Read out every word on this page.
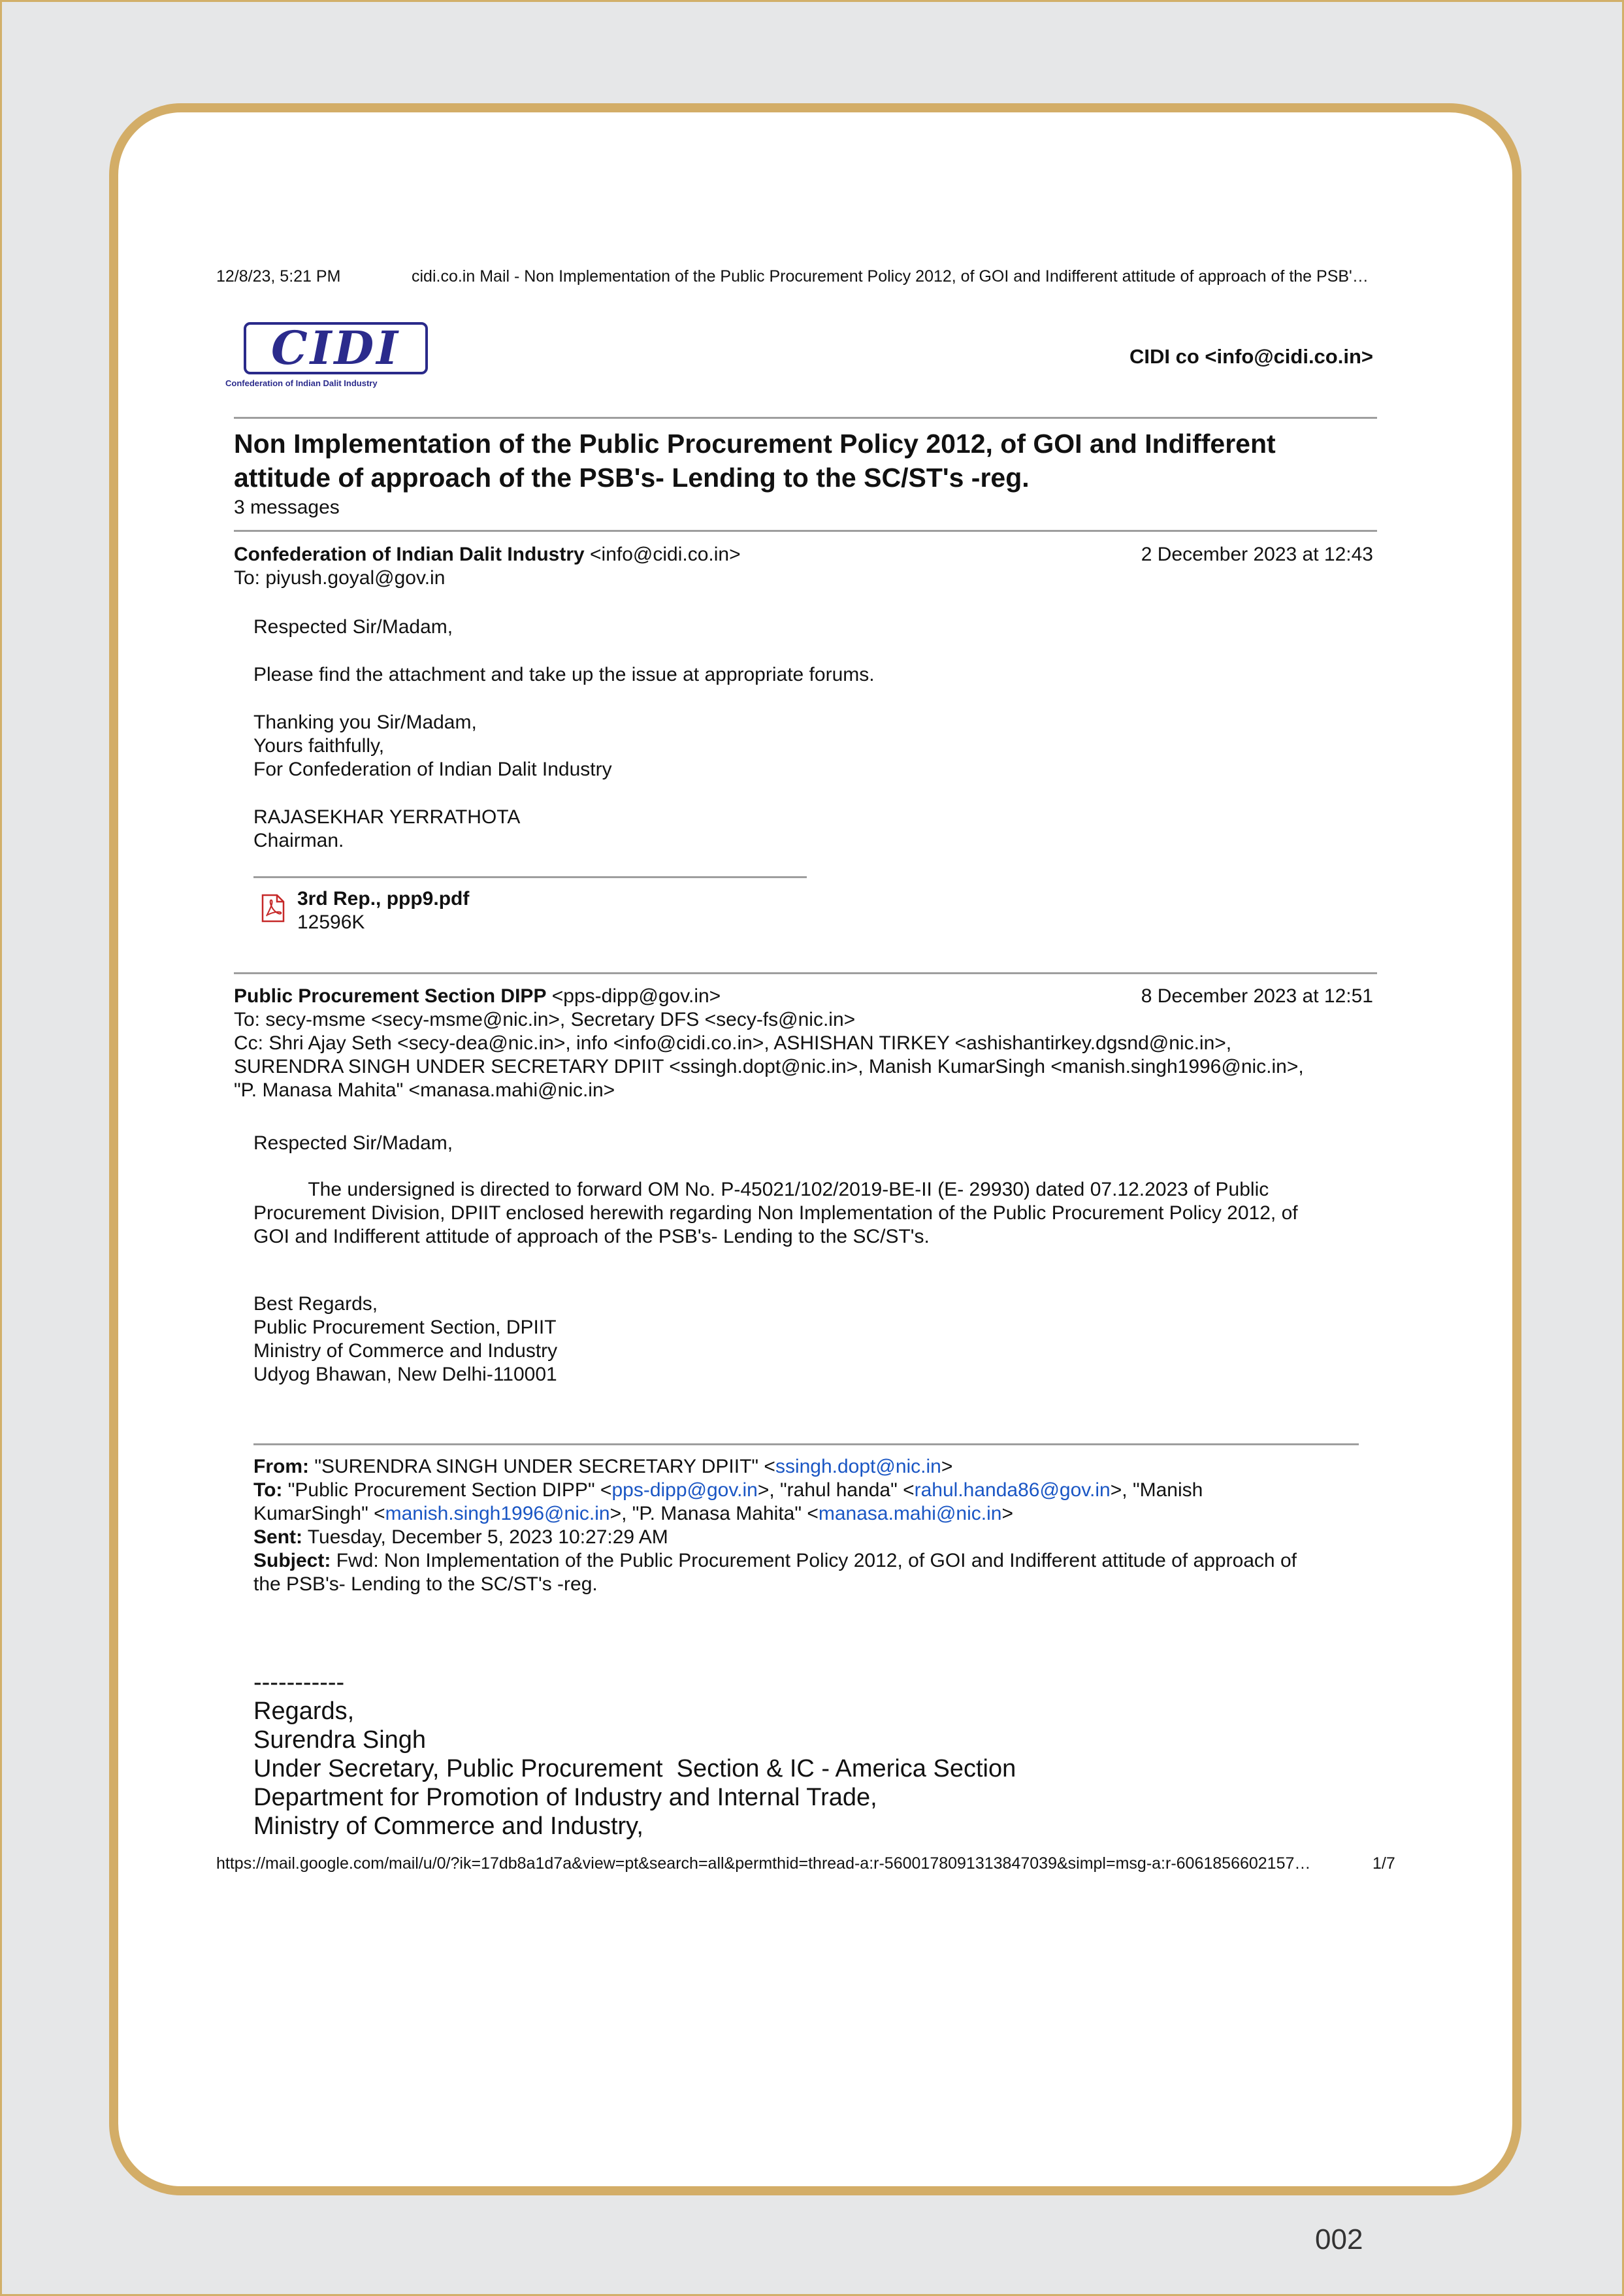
12/8/23, 5:21 PM	cidi.co.in Mail - Non Implementation of the Public Procurement Policy 2012, of GOI and Indifferent attitude of approach of the PSB'…
CIDI
Confederation of Indian Dalit Industry
CIDI co <info@cidi.co.in>
Non Implementation of the Public Procurement Policy 2012, of GOI and Indifferent
attitude of approach of the PSB's- Lending to the SC/ST's -reg.
3 messages
Confederation of Indian Dalit Industry <info@cidi.co.in>	2 December 2023 at 12:43
To: piyush.goyal@gov.in
Respected Sir/Madam,
Please find the attachment and take up the issue at appropriate forums.
Thanking you Sir/Madam,
Yours faithfully,
For Confederation of Indian Dalit Industry
RAJASEKHAR YERRATHOTA
Chairman.
3rd Rep., ppp9.pdf
12596K
Public Procurement Section DIPP <pps-dipp@gov.in>	8 December 2023 at 12:51
To: secy-msme <secy-msme@nic.in>, Secretary DFS <secy-fs@nic.in>
Cc: Shri Ajay Seth <secy-dea@nic.in>, info <info@cidi.co.in>, ASHISHAN TIRKEY <ashishantirkey.dgsnd@nic.in>,
SURENDRA SINGH UNDER SECRETARY DPIIT <ssingh.dopt@nic.in>, Manish KumarSingh <manish.singh1996@nic.in>,
"P. Manasa Mahita" <manasa.mahi@nic.in>
Respected Sir/Madam,
The undersigned is directed to forward OM No. P-45021/102/2019-BE-II (E- 29930) dated 07.12.2023 of Public
Procurement Division, DPIIT enclosed herewith regarding Non Implementation of the Public Procurement Policy 2012, of
GOI and Indifferent attitude of approach of the PSB's- Lending to the SC/ST's.
Best Regards,
Public Procurement Section, DPIIT
Ministry of Commerce and Industry
Udyog Bhawan, New Delhi-110001
From: "SURENDRA SINGH UNDER SECRETARY DPIIT" <ssingh.dopt@nic.in>
To: "Public Procurement Section DIPP" <pps-dipp@gov.in>, "rahul handa" <rahul.handa86@gov.in>, "Manish
KumarSingh" <manish.singh1996@nic.in>, "P. Manasa Mahita" <manasa.mahi@nic.in>
Sent: Tuesday, December 5, 2023 10:27:29 AM
Subject: Fwd: Non Implementation of the Public Procurement Policy 2012, of GOI and Indifferent attitude of approach of
the PSB's- Lending to the SC/ST's -reg.
-----------
Regards,
Surendra Singh
Under Secretary, Public Procurement  Section & IC - America Section
Department for Promotion of Industry and Internal Trade,
Ministry of Commerce and Industry,
https://mail.google.com/mail/u/0/?ik=17db8a1d7a&view=pt&search=all&permthid=thread-a:r-5600178091313847039&simpl=msg-a:r-6061856602157…	1/7
002
